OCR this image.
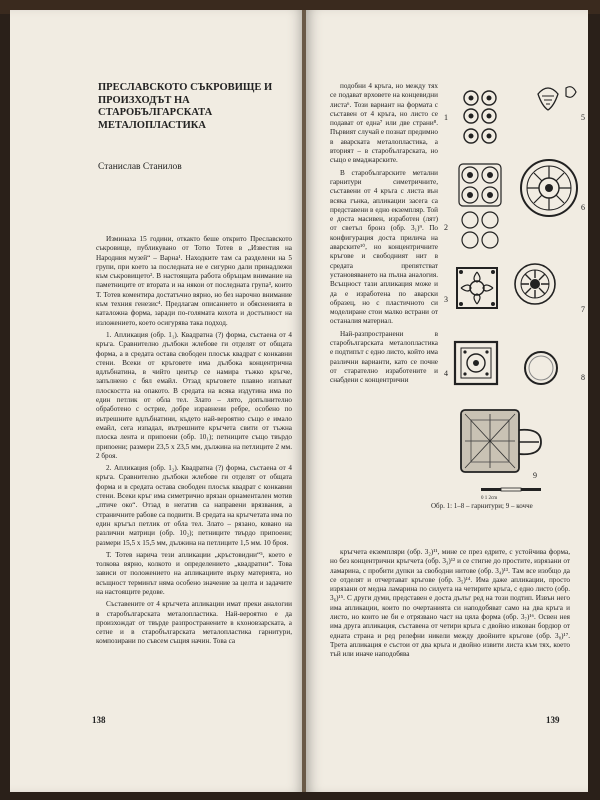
ПРЕСЛАВСКОТО СЪКРОВИЩЕ И ПРОИЗХОДЪТ НА СТАРОБЪЛГАРСКАТА МЕТАЛОПЛАСТИКА
Станислав Станилов

Изминаха 15 години, откакто беше открито Преславското съкровище, публикувано от Тотю Тотев в „Известия на Народния музей“ – Варна¹. Находките там са разделени на 5 групи, при което за последната не е сигурно дали принадлежи към съкровището². В настоящата работа обръщам внимание на паметниците от втората и на някои от последната група³, които Т. Тотев коментира достатъчно вярно, но без нарочно внимание към техния генезис⁴. Предлагам описанието и обясненията в каталожна форма, заради по-голямата кохота и достъпност на изложението, което осигурява така подход.

1. Апликация (обр. 1₁). Квадратна (?) форма, състаена от 4 кръга. Сравнително дълбоки жлебове ги отделят от общата форма, а в средата остава свободен плосък квадрат с конкавни стени. Всеки от кръговете има дълбока концентрична вдлъбнатина, в чийто център се намира тъжко кръгче, запълнено с бял емайл. Отзад кръговете плавно изпъват плоскостта на опакото. В средата на всяка издутина има по един петлик от обла тел. Злато – лято, допълнително обработено с остриe, добре изравнени ребре, особено по вътрешните вдлъбнатини, където най-вероятно също е имало емайл, сега изпадал, вътрешните кръгчета свити от тъжна плоска лента и припоени (обр. 10₁); петниците също твърдо припоени; размери 23,5 x 23,5 мм, дължина на петлиците 2 мм. 2 броя.

2. Апликация (обр. 1₂). Квадратна (?) форма, състаена от 4 кръга. Сравнително дълбоки жлебове ги отделят от общата форма и в средата остава свободен плосък квадрат с конкавни стени. Всеки кръг има симетрично врязан орнаментален мотив „птиче око“. Отзад в негатив са направени врязвания, а страничните рабове са подвити. В средата на кръгчетата има по един кръгъл петлик от обла тел. Злато – рязано, ковано на различни матрици (обр. 10₂); петниците твърдо припоени; размери 15,5 x 15,5 мм, дължина на петлиците 1,5 мм. 10 броя.

Т. Тотев нарича тези апликации „кръстовидни“⁵, което е толкова вярно, колкото и определението „квадратни“. Това зависи от положението на апликациите върху материята, но всъщност терминът няма особено значение за целта и задачите на настоящите редове.

Съставените от 4 кръгчета апликации имат преки аналогии в старобългарската металопластика. Най-вероятно е да произхождат от твърде разпространените в кхоновзарската, а сетне и в старобългарската металопластика гарнитури, композирани по съвсем същия начин. Това са

138

подобни 4 кръга, но между тях се подават врховете на концевидни листа⁶. Този вариант на формата с съставен от 4 кръга, но листо се подават от една⁷ или две страни⁸. Първият случай е познат предимно в аварската металопластика, а вторият – в старобългарската, но също е вмаджарските.

В старобългарските метални гарнитури симетричните, съставени от 4 кръга с листа вън всяка гънка, апликации засега са представени в едно екземпляр. Той е доста масивен, изработен (лят) от светъл бронз (обр. 3₁)⁹. По конфигурация доста прилича на аварските¹⁰, но концентричните кръгове и свободният нит в средата препятстват установяването на пълна аналогия. Всъщност тази апликация може и да е изработена по аварски образец, но с пластичното си моделиране стои малко встрани от останалия материал.

Най-разпространени в старобългарската металопластика е подтипът с едно листо, който има различни варианти, като се почне от старателно изработените и снабдени с концентрични

1
2
3
4
5
6
7
8
9
0 1 2cm
Обр. 1: 1–8 – гарнитури; 9 – кочче

кръгчета екземпляри (обр. 3₂)¹¹, мине се през едрите, с устойчива форма, но без концентрични кръгчета (обр. 3₃)¹² и се стигне до простите, изрязани от ламарина, с пробити дупки за свободни нитове (обр. 3₄)¹³. Там все изобщо да се отделят и отчертават кръгове (обр. 3₅)¹⁴. Има даже апликации, просто изрязани от медна ламарина по силуета на четирите кръга, с едно листо (обр. 3₆)¹⁵. С други думи, представен е доста дълъг ред на този подтип. Извън него има апликации, които по очертанията си наподобяват само на два кръга и листо, но които не би е отрязвано част на цяла форма (обр. 3₇)¹⁶. Освен нея има друга апликация, съставена от четири кръга с двойно изкован бордюр от едната страна и ред релефни никели между двойните кръгове (обр. 3₈)¹⁷. Трета апликация е състои от два кръга и двойно извити листа към тях, което тъй или иначе наподобява

139
